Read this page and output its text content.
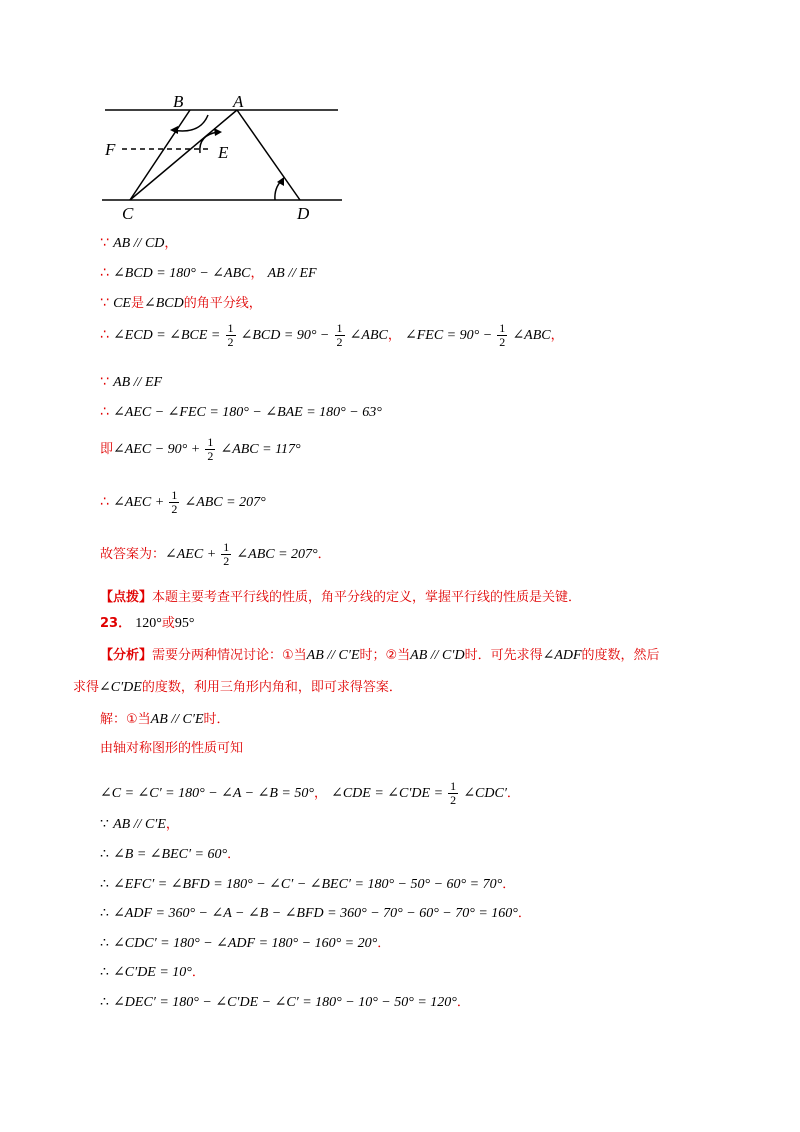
B	A
F	E
C	D
∵ AB // CD，
∴ ∠BCD = 180° − ∠ABC， AB // EF
∵ CE是∠BCD的角平分线，
∴ ∠ECD = ∠BCE = $\frac{1}{2}$ ∠BCD = $90^\circ - \frac{1}{2}$ ∠ABC， ∠FEC = $90^\circ - \frac{1}{2}$ ∠ABC，
∵ AB // EF
∴ ∠AEC − ∠FEC = 180° − ∠BAE = 180° − 63°
即∠AEC − $90^\circ + \frac{1}{2}$ ∠ABC = 117°
∴ ∠AEC + $\frac{1}{2}$ ∠ABC = 207°
故答案为：∠AEC + $\frac{1}{2}$ ∠ABC = 207°．
【点拨】本题主要考查平行线的性质，角平分线的定义，掌握平行线的性质是关键．
23． 120°或95°
【分析】需要分两种情况讨论：①当AB // C′E时；②当AB // C′D时．可先求得∠ADF的度数，然后
求得∠C′DE的度数，利用三角形内角和，即可求得答案．
解：①当AB // C′E时．
由轴对称图形的性质可知
∠C = ∠C′ = 180° − ∠A − ∠B = 50°， ∠CDE = ∠C′DE = $\frac{1}{2}$ ∠CDC′．
∵ AB // C′E，
∴ ∠B = ∠BEC′ = 60°．
∴ ∠EFC′ = ∠BFD = 180° − ∠C′ − ∠BEC′ = 180° − 50° − 60° = 70°．
∴ ∠ADF = 360° − ∠A − ∠B − ∠BFD = 360° − 70° − 60° − 70° = 160°．
∴ ∠CDC′ = 180° − ∠ADF = 180° − 160° = 20°．
∴ ∠C′DE = 10°．
∴ ∠DEC′ = 180° − ∠C′DE − ∠C′ = 180° − 10° − 50° = 120°．
